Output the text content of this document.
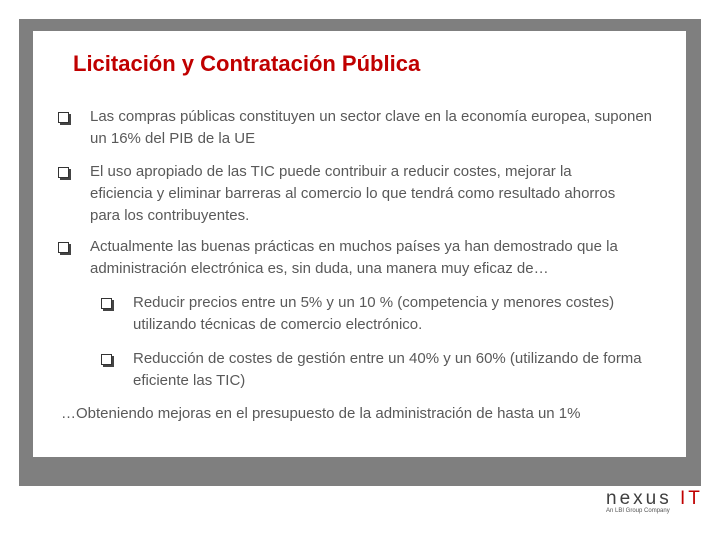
Licitación y Contratación Pública
Las compras públicas constituyen un sector clave en la economía europea, suponen un 16% del PIB de la UE
El uso apropiado de las TIC puede contribuir a reducir costes, mejorar la eficiencia y eliminar barreras al comercio lo que tendrá como resultado ahorros para los contribuyentes.
Actualmente las buenas prácticas en muchos países ya han demostrado que la administración electrónica es, sin duda, una manera muy eficaz de…
Reducir precios entre un 5% y un 10 % (competencia y menores costes) utilizando técnicas de comercio electrónico.
Reducción de costes de gestión entre un 40% y un 60% (utilizando de forma eficiente las TIC)
…Obteniendo mejoras en el presupuesto de la administración de hasta un 1%
nexus IT
An LBI Group Company
